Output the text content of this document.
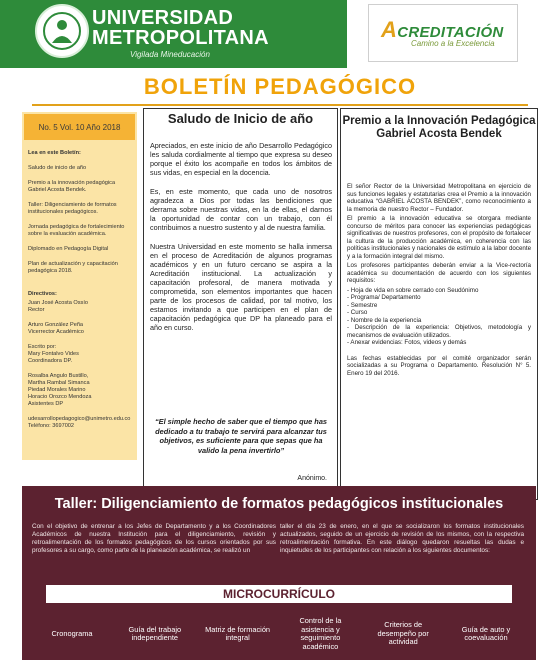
UNIVERSIDAD
METROPOLITANA
Vigilada Mineducación
ACREDITACIÓN
Camino a la Excelencia
BOLETÍN PEDAGÓGICO
No. 5 Vol. 10 Año 2018

Lea en este Boletín:

Saludo de inicio de año

Premio a la innovación pedagógica Gabriel Acosta Bendek.

Taller: Diligenciamiento de formatos institucionales pedagógicos.

Jornada pedagógica de fortalecimiento sobre la evaluación académica.

Diplomado en Pedagogía Digital

Plan de actualización y capacitación pedagógica 2018.

Directivos:

Juan José Acosta Ossío
Rector

Arturo González Peña
Vicerrector Académico

Escrito por:
Mary Fontalvo Vides
Coordinadora DP.

Rosalba Angulo Bustillo,
Martha Rambal Simanca
Piedad Morales Marino
Horacio Orozco Mendoza
Asistentes DP

udesarrollopedagogico@unimetro.edu.co
Teléfono: 3697002

Saludo de Inicio de año

Apreciados, en este inicio de año Desarrollo Pedagógico les saluda cordialmente al tiempo que expresa su deseo porque el éxito los acompañe en todos los ámbitos de sus vidas, en especial en la docencia.

Es, en este momento, que cada uno de nosotros agradezca a Dios por todas las bendiciones que derrama sobre nuestras vidas, en la de ellas, el darnos la oportunidad de contar con un trabajo, con él contribuimos a nuestro sustento y al de nuestra familia.

Nuestra Universidad en este momento se halla inmersa en el proceso de Acreditación de algunos programas académicos y en un futuro cercano se aspira a la Acreditación institucional. La actualización y capacitación profesoral, de manera motivada y comprometida, son elementos importantes que hacen parte de los procesos de calidad, por tal motivo, los estamos invitando a que participen en el plan de capacitación pedagógica que DP ha planeado para el año en curso.

“El simple hecho de saber que el tiempo que has dedicado a tu trabajo te servirá para alcanzar tus objetivos, es suficiente para que sepas que ha valido la pena invertirlo”
Anónimo.
Premio a la Innovación Pedagógica Gabriel Acosta Bendek

El señor Rector de la Universidad Metropolitana en ejercicio de sus funciones legales y estatutarias crea el Premio a la innovación educativa “GABRIEL ACOSTA BENDEK”, como reconocimiento a la memoria de nuestro Rector – Fundador.

El premio a la innovación educativa se otorgara mediante concurso de méritos para conocer las experiencias pedagógicas significativas de nuestros profesores, con el propósito de fortalecer la cultura de la producción académica, en coherencia con las políticas institucionales y nacionales de estímulo a la labor docente y a la formación integral del mismo.

Los profesores participantes deberán enviar a la Vice-rectoría académica su documentación de acuerdo con los siguientes requisitos:

- Hoja de vida en sobre cerrado con Seudónimo
- Programa/ Departamento
- Semestre
- Curso
- Nombre de la experiencia
- Descripción de la experiencia: Objetivos, metodología y mecanismos de evaluación utilizados.
- Anexar evidencias: Fotos, videos y demás

Las fechas establecidas por el comité organizador serán socializadas a su Programa o Departamento. Resolución N° 5. Enero 19 del 2016.

Taller: Diligenciamiento de formatos pedagógicos institucionales
Con el objetivo de entrenar a los Jefes de Departamento y a los Coordinadores Académicos de nuestra Institución para el diligenciamiento, revisión y retroalimentación de los formatos pedagógicos de los cursos orientados por sus profesores a su cargo, como parte de la planeación académica, se realizó un
taller el día 23 de enero, en el que se socializaron los formatos institucionales actualizados, seguido de un ejercicio de revisión de los mismos, con la respectiva retroalimentación formativa. En este diálogo quedaron resueltas las dudas e inquietudes de los participantes con relación a los siguientes documentos:
MICROCURRÍCULO
Cronograma	Guía del trabajo independiente
Matriz de formación integral
Control de la asistencia y seguimiento académico
Criterios de desempeño por actividad
Guía de auto y coevaluación
